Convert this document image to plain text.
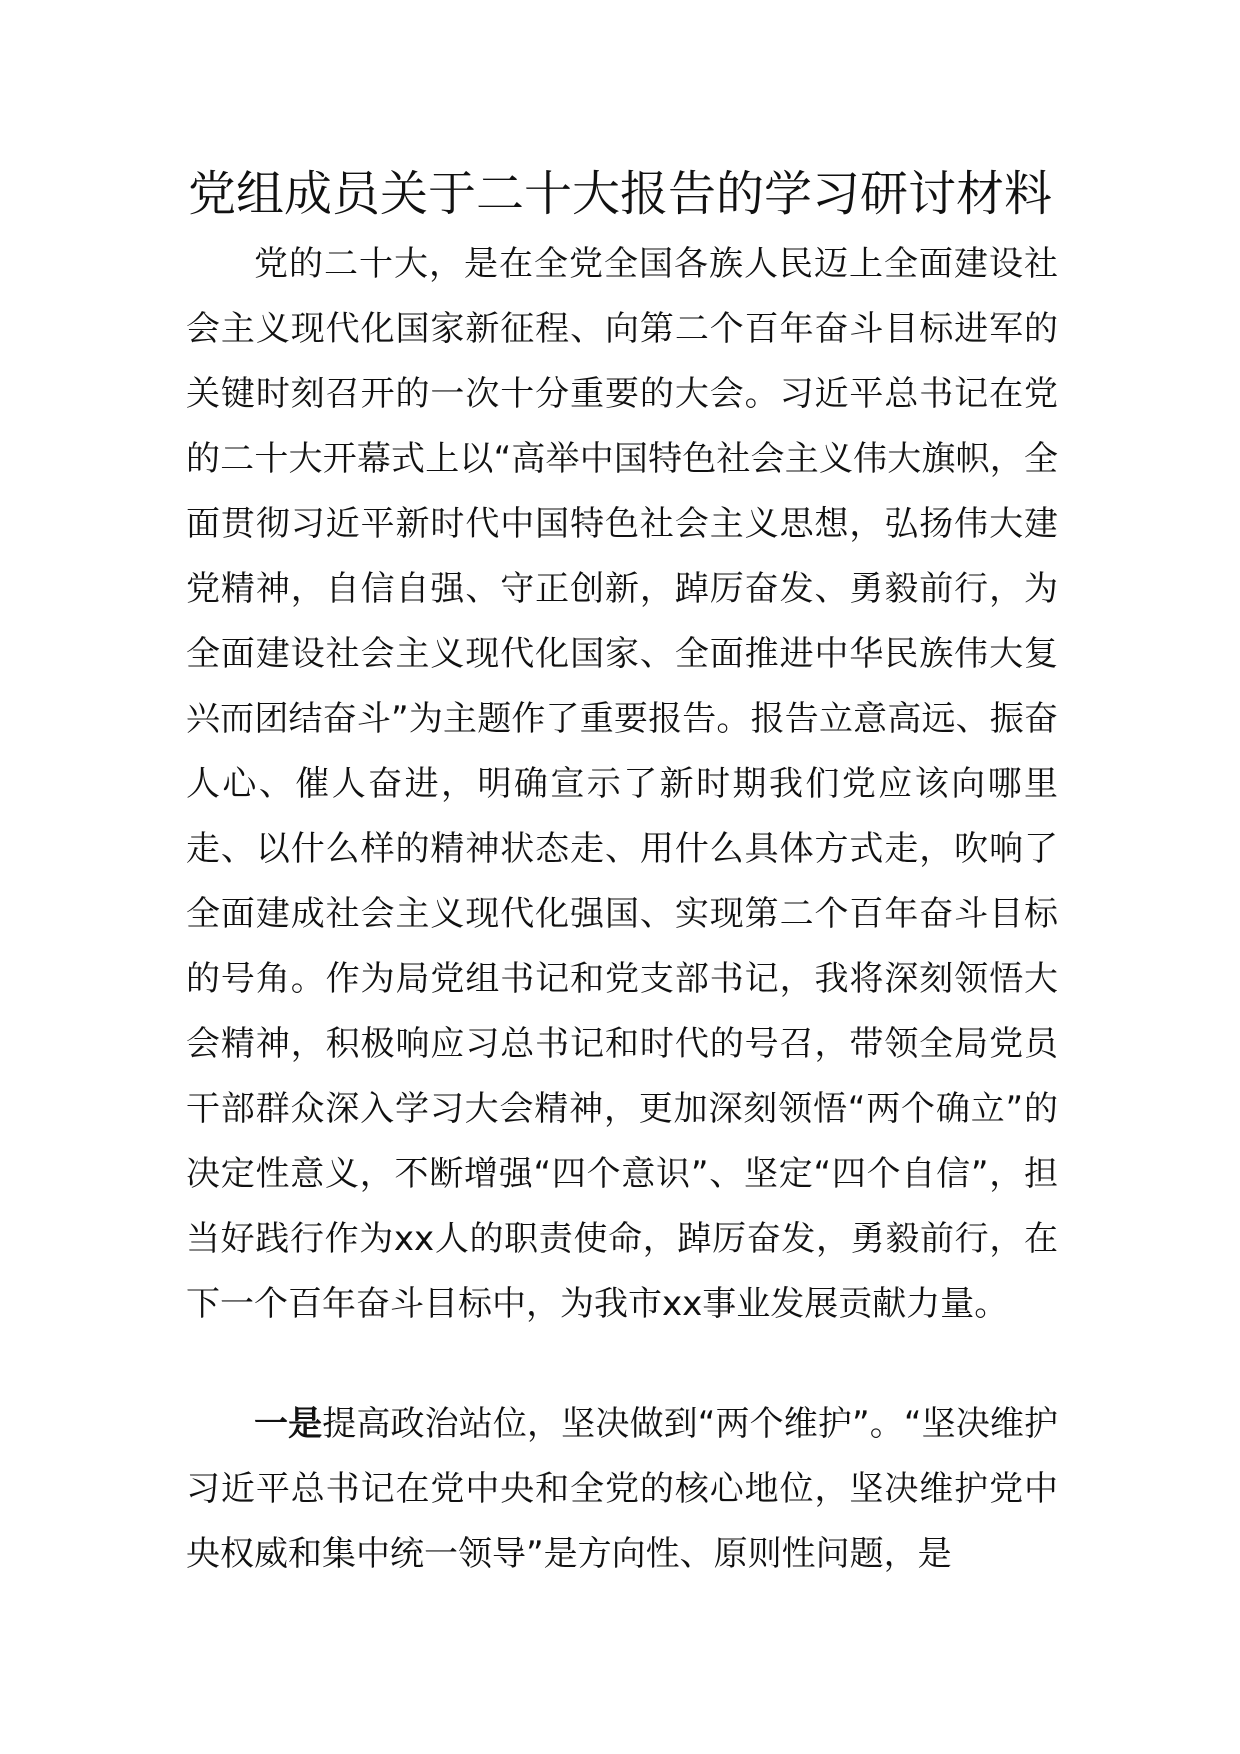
党组成员关于二十大报告的学习研讨材料

党的二十大，是在全党全国各族人民迈上全面建设社会主义现代化国家新征程、向第二个百年奋斗目标进军的关键时刻召开的一次十分重要的大会。习近平总书记在党的二十大开幕式上以“高举中国特色社会主义伟大旗帜，全面贯彻习近平新时代中国特色社会主义思想，弘扬伟大建党精神，自信自强、守正创新，踔厉奋发、勇毅前行，为全面建设社会主义现代化国家、全面推进中华民族伟大复兴而团结奋斗”为主题作了重要报告。报告立意高远、振奋人心、催人奋进，明确宣示了新时期我们党应该向哪里走、以什么样的精神状态走、用什么具体方式走，吹响了全面建成社会主义现代化强国、实现第二个百年奋斗目标的号角。作为局党组书记和党支部书记，我将深刻领悟大会精神，积极响应习总书记和时代的号召，带领全局党员干部群众深入学习大会精神，更加深刻领悟“两个确立”的决定性意义，不断增强“四个意识”、坚定“四个自信”，担当好践行作为xx人的职责使命，踔厉奋发，勇毅前行，在下一个百年奋斗目标中，为我市xx事业发展贡献力量。

一是提高政治站位，坚决做到“两个维护”。“坚决维护习近平总书记在党中央和全党的核心地位，坚决维护党中央权威和集中统一领导”是方向性、原则性问题，是
